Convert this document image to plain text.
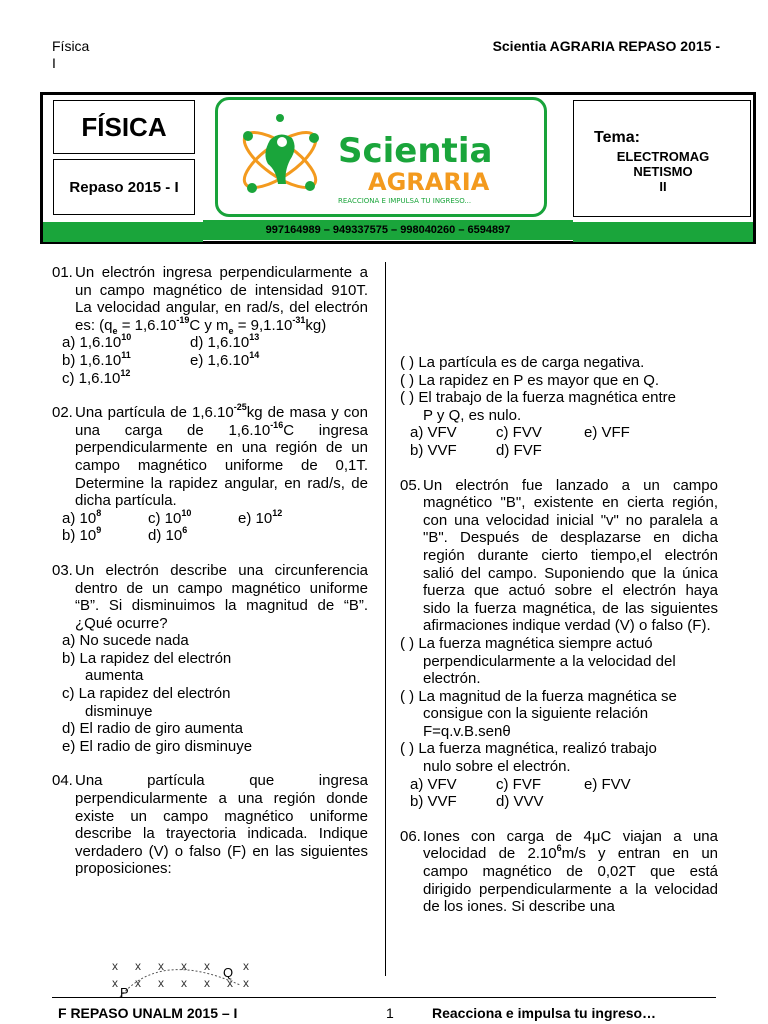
Física
I
Scientia AGRARIA REPASO 2015 -
FÍSICA
Repaso 2015 - I
Scientia
AGRARIA
REACCIONA E IMPULSA TU INGRESO...
Tema:
ELECTROMAG
NETISMO
II
997164989 – 949337575 – 998040260 – 6594897
01. Un electrón ingresa perpendicularmente a un campo magnético de intensidad 910T. La velocidad angular, en rad/s, del electrón es: ($q_e = 1,6.10^{-19}C$ y $m_e = 9,1.10^{-31}kg$)
a) 1,6.10$^{10}$	d) 1,6.10$^{13}$
b) 1,6.10$^{11}$	e) 1,6.10$^{14}$
c) 1,6.10$^{12}$
02. Una partícula de $1,6.10^{-25}kg$ de masa y con una carga de $1,6.10^{-16}C$ ingresa perpendicularmente en una región de un campo magnético uniforme de 0,1T. Determine la rapidez angular, en rad/s, de dicha partícula.
a) $10^8$	c) $10^{10}$	e) $10^{12}$
b) $10^9$	d) $10^6$
03. Un electrón describe una circunferencia dentro de un campo magnético uniforme “B”. Si disminuimos la magnitud de “B”. ¿Qué ocurre?
a) No sucede nada
b) La rapidez del electrón
aumenta
c) La rapidez del electrón
disminuye
d) El radio de giro aumenta
e) El radio de giro disminuye
04. Una partícula que ingresa perpendicularmente a una región donde existe un campo magnético uniforme describe la trayectoria indicada. Indique verdadero (V) o falso (F) en las siguientes proposiciones:
x x x x x	x
x x x x x x x
Q
P
( ) La partícula es de carga negativa.
( ) La rapidez en P es mayor que en Q.
( ) El trabajo de la fuerza magnética entre
P y Q, es nulo.
a) VFV	c) FVV	e) VFF
b) VVF	d) FVF
05. Un electrón fue lanzado a un campo magnético "B", existente en cierta región, con una velocidad inicial "v" no paralela a "B". Después de desplazarse en dicha región durante cierto tiempo,el electrón salió del campo. Suponiendo que la única fuerza que actuó sobre el electrón haya sido la fuerza magnética, de las siguientes afirmaciones indique verdad (V) o falso (F).
( ) La fuerza magnética siempre actuó
perpendicularmente a la velocidad del electrón.
( ) La magnitud de la fuerza magnética se
consigue con la siguiente relación F=q.v.B.senθ
( ) La fuerza magnética, realizó trabajo
nulo sobre el electrón.
a) VFV	c) FVF	e) FVV
b) VVF	d) VVV
06. Iones con carga de 4μC viajan a una velocidad de 2.10$^6$m/s y entran en un campo magnético de 0,02T que está dirigido perpendicularmente a la velocidad de los iones. Si describe una
F REPASO UNALM 2015 – I	1	Reacciona e impulsa tu ingreso…
